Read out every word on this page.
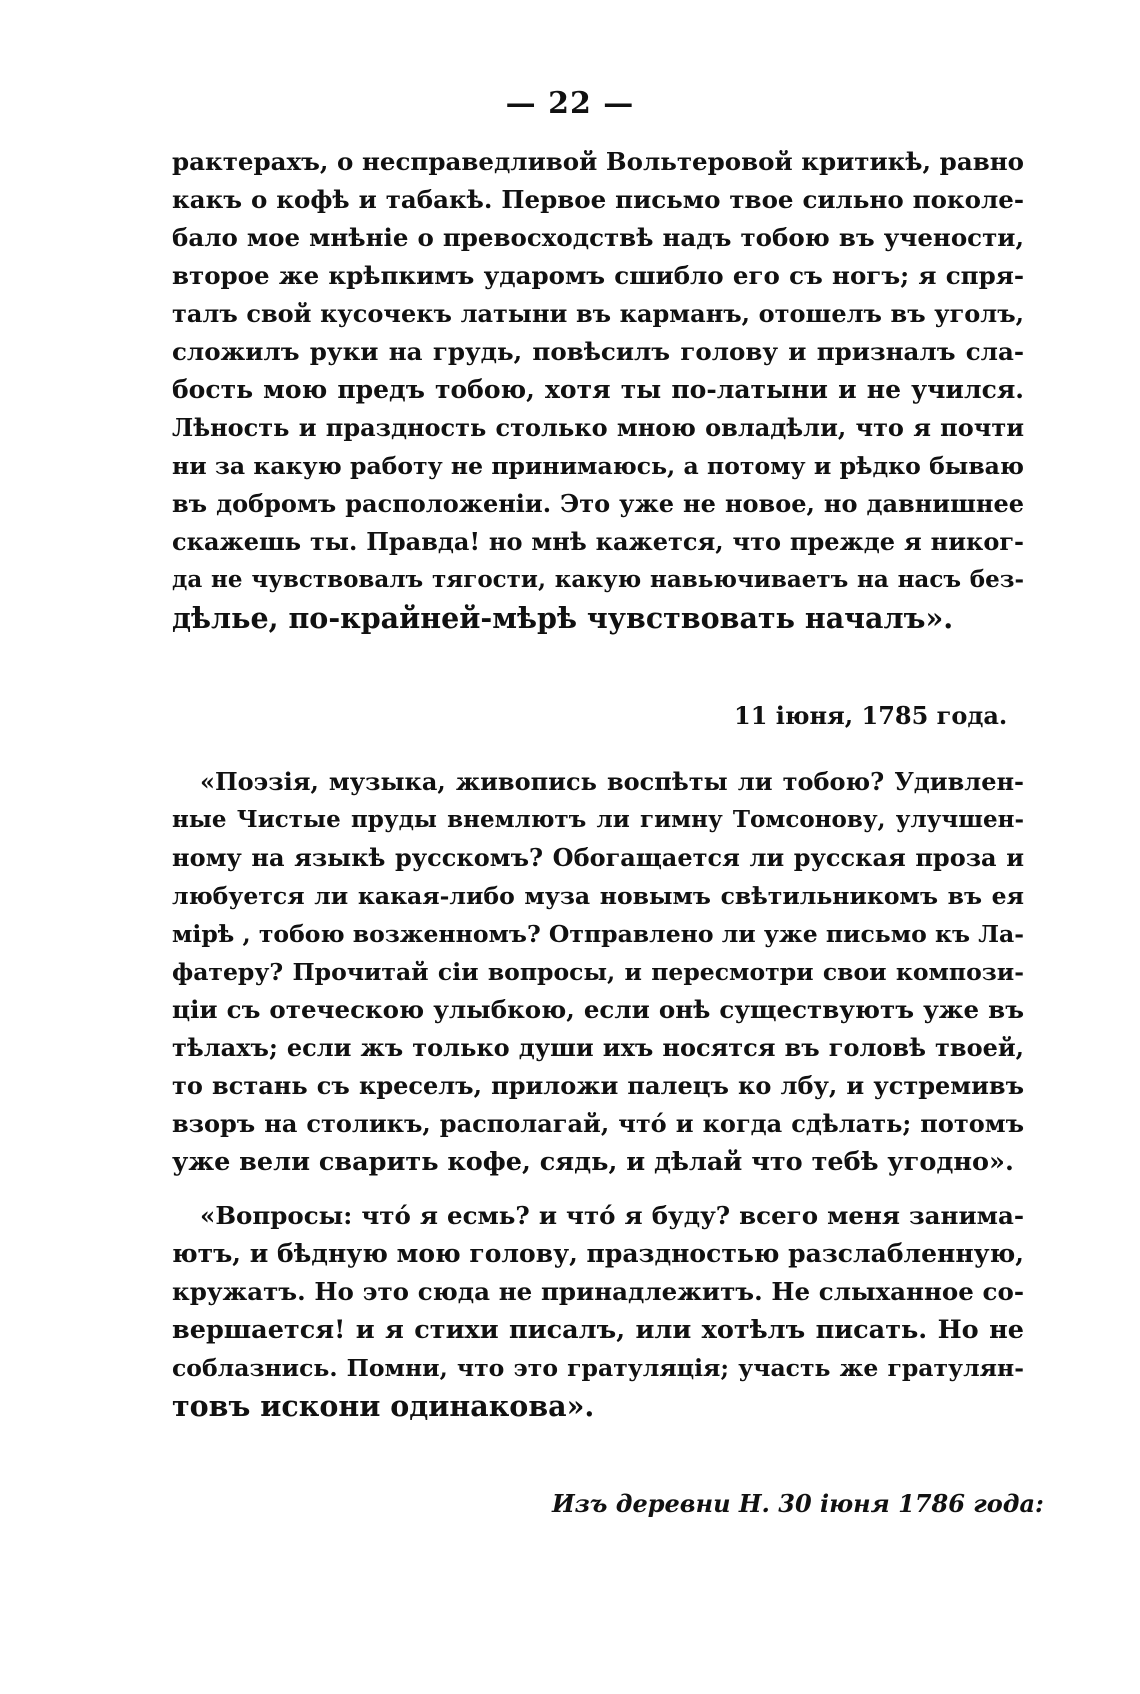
— 22 —
рактерахъ, о несправедливой Вольтеровой критикѣ, равно
какъ о кофѣ и табакѣ. Первое письмо твое сильно поколе-
бало мое мнѣніе о превосходствѣ надъ тобою въ учености,
второе же крѣпкимъ ударомъ сшибло его съ ногъ; я спря-
талъ свой кусочекъ латыни въ карманъ, отошелъ въ уголъ,
сложилъ руки на грудь, повѣсилъ голову и призналъ сла-
бость мою предъ тобою, хотя ты по-латыни и не учился.
Лѣность и праздность столько мною овладѣли, что я почти
ни за какую работу не принимаюсь, а потому и рѣдко бываю
въ добромъ расположеніи. Это уже не новое, но давнишнее
скажешь ты. Правда! но мнѣ кажется, что прежде я никог-
да не чувствовалъ тягости, какую навьючиваетъ на насъ без-
дѣлье, по-крайней-мѣрѣ чувствовать началъ».
11 іюня, 1785 года.
«Поэзія, музыка, живопись воспѣты ли тобою? Удивлен-
ные Чистые пруды внемлютъ ли гимну Томсонову, улучшен-
ному на языкѣ русскомъ? Обогащается ли русская проза и
любуется ли какая-либо муза новымъ свѣтильникомъ въ ея
мірѣ , тобою возженномъ? Отправлено ли уже письмо къ Ла-
фатеру? Прочитай сіи вопросы, и пересмотри свои компози-
ціи съ отеческою улыбкою, если онѣ существуютъ уже въ
тѣлахъ; если жъ только души ихъ носятся въ головѣ твоей,
то встань съ креселъ, приложи палецъ ко лбу, и устремивъ
взоръ на столикъ, располагай, что́ и когда сдѣлать; потомъ
уже вели сварить кофе, сядь, и дѣлай что тебѣ угодно».
«Вопросы: что́ я есмь? и что́ я буду? всего меня занима-
ютъ, и бѣдную мою голову, праздностью разслабленную,
кружатъ. Но это сюда не принадлежитъ. Не слыханное со-
вершается! и я стихи писалъ, или хотѣлъ писать. Но не
соблазнись. Помни, что это гратуляція; участь же гратулян-
товъ искони одинакова».
Изъ деревни Н. 30 іюня 1786 года:
